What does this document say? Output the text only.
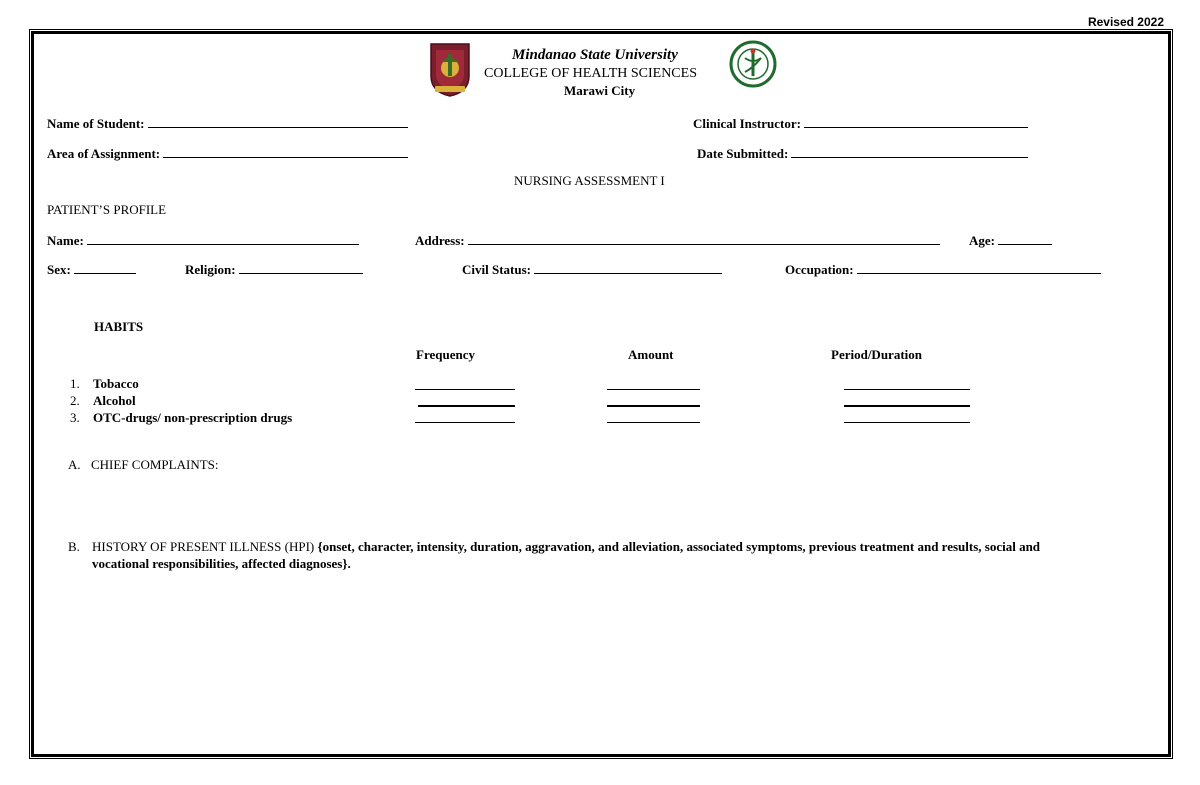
Revised 2022
Mindanao State University
COLLEGE OF HEALTH SCIENCES
Marawi City
Name of Student:	Clinical Instructor:
Area of Assignment:	Date Submitted:
NURSING ASSESSMENT I
PATIENT’S PROFILE
Name:	Address:	Age:
Sex:	Religion:	Civil Status:	Occupation:
HABITS
Frequency	Amount	Period/Duration
1. Tobacco
2. Alcohol
3. OTC-drugs/ non-prescription drugs
A. CHIEF COMPLAINTS:
B. HISTORY OF PRESENT ILLNESS (HPI) {onset, character, intensity, duration, aggravation, and alleviation, associated symptoms, previous treatment and results, social and
vocational responsibilities, affected diagnoses}.
